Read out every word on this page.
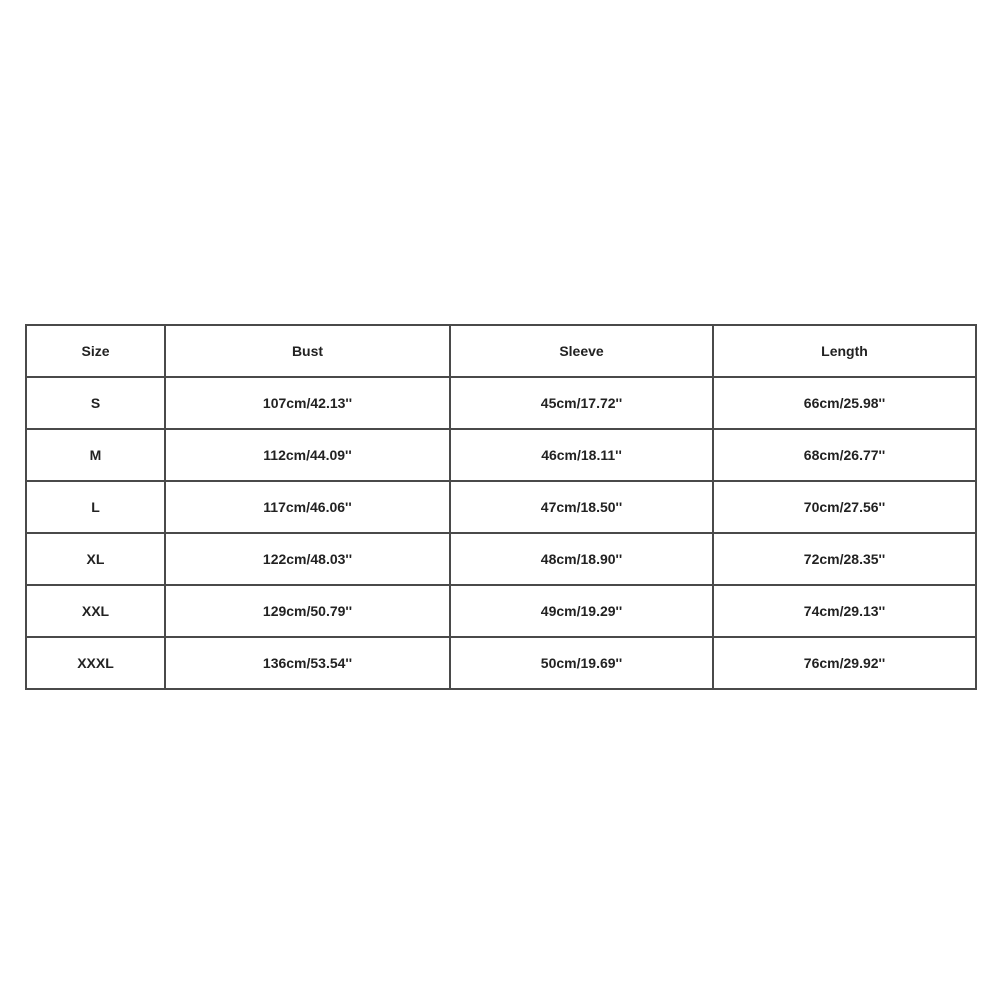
Size	Bust	Sleeve	Length
S	107cm/42.13''	45cm/17.72''	66cm/25.98''
M	112cm/44.09''	46cm/18.11''	68cm/26.77''
L	117cm/46.06''	47cm/18.50''	70cm/27.56''
XL	122cm/48.03''	48cm/18.90''	72cm/28.35''
XXL	129cm/50.79''	49cm/19.29''	74cm/29.13''
XXXL	136cm/53.54''	50cm/19.69''	76cm/29.92''
